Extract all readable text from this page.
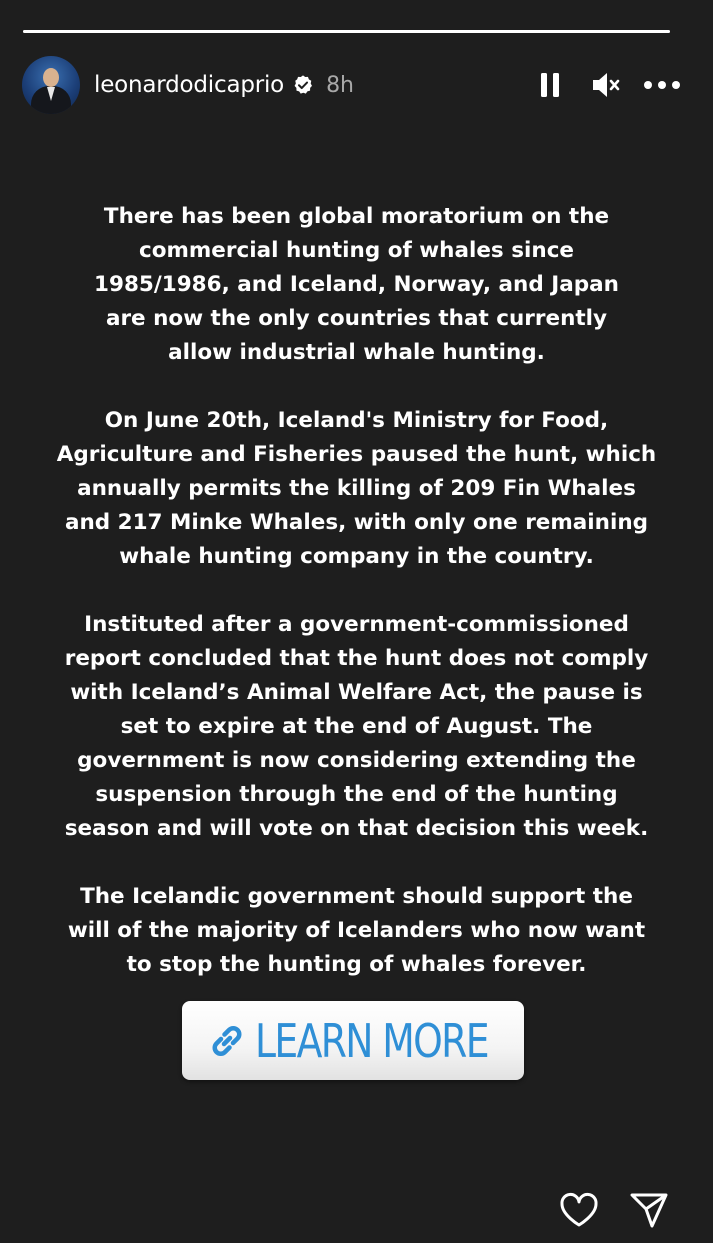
leonardodicaprio 8h

There has been global moratorium on the
commercial hunting of whales since
1985/1986, and Iceland, Norway, and Japan
are now the only countries that currently
allow industrial whale hunting.

On June 20th, Iceland's Ministry for Food,
Agriculture and Fisheries paused the hunt, which
annually permits the killing of 209 Fin Whales
and 217 Minke Whales, with only one remaining
whale hunting company in the country.

Instituted after a government-commissioned
report concluded that the hunt does not comply
with Iceland’s Animal Welfare Act, the pause is
set to expire at the end of August. The
government is now considering extending the
suspension through the end of the hunting
season and will vote on that decision this week.

The Icelandic government should support the
will of the majority of Icelanders who now want
to stop the hunting of whales forever.

LEARN MORE
